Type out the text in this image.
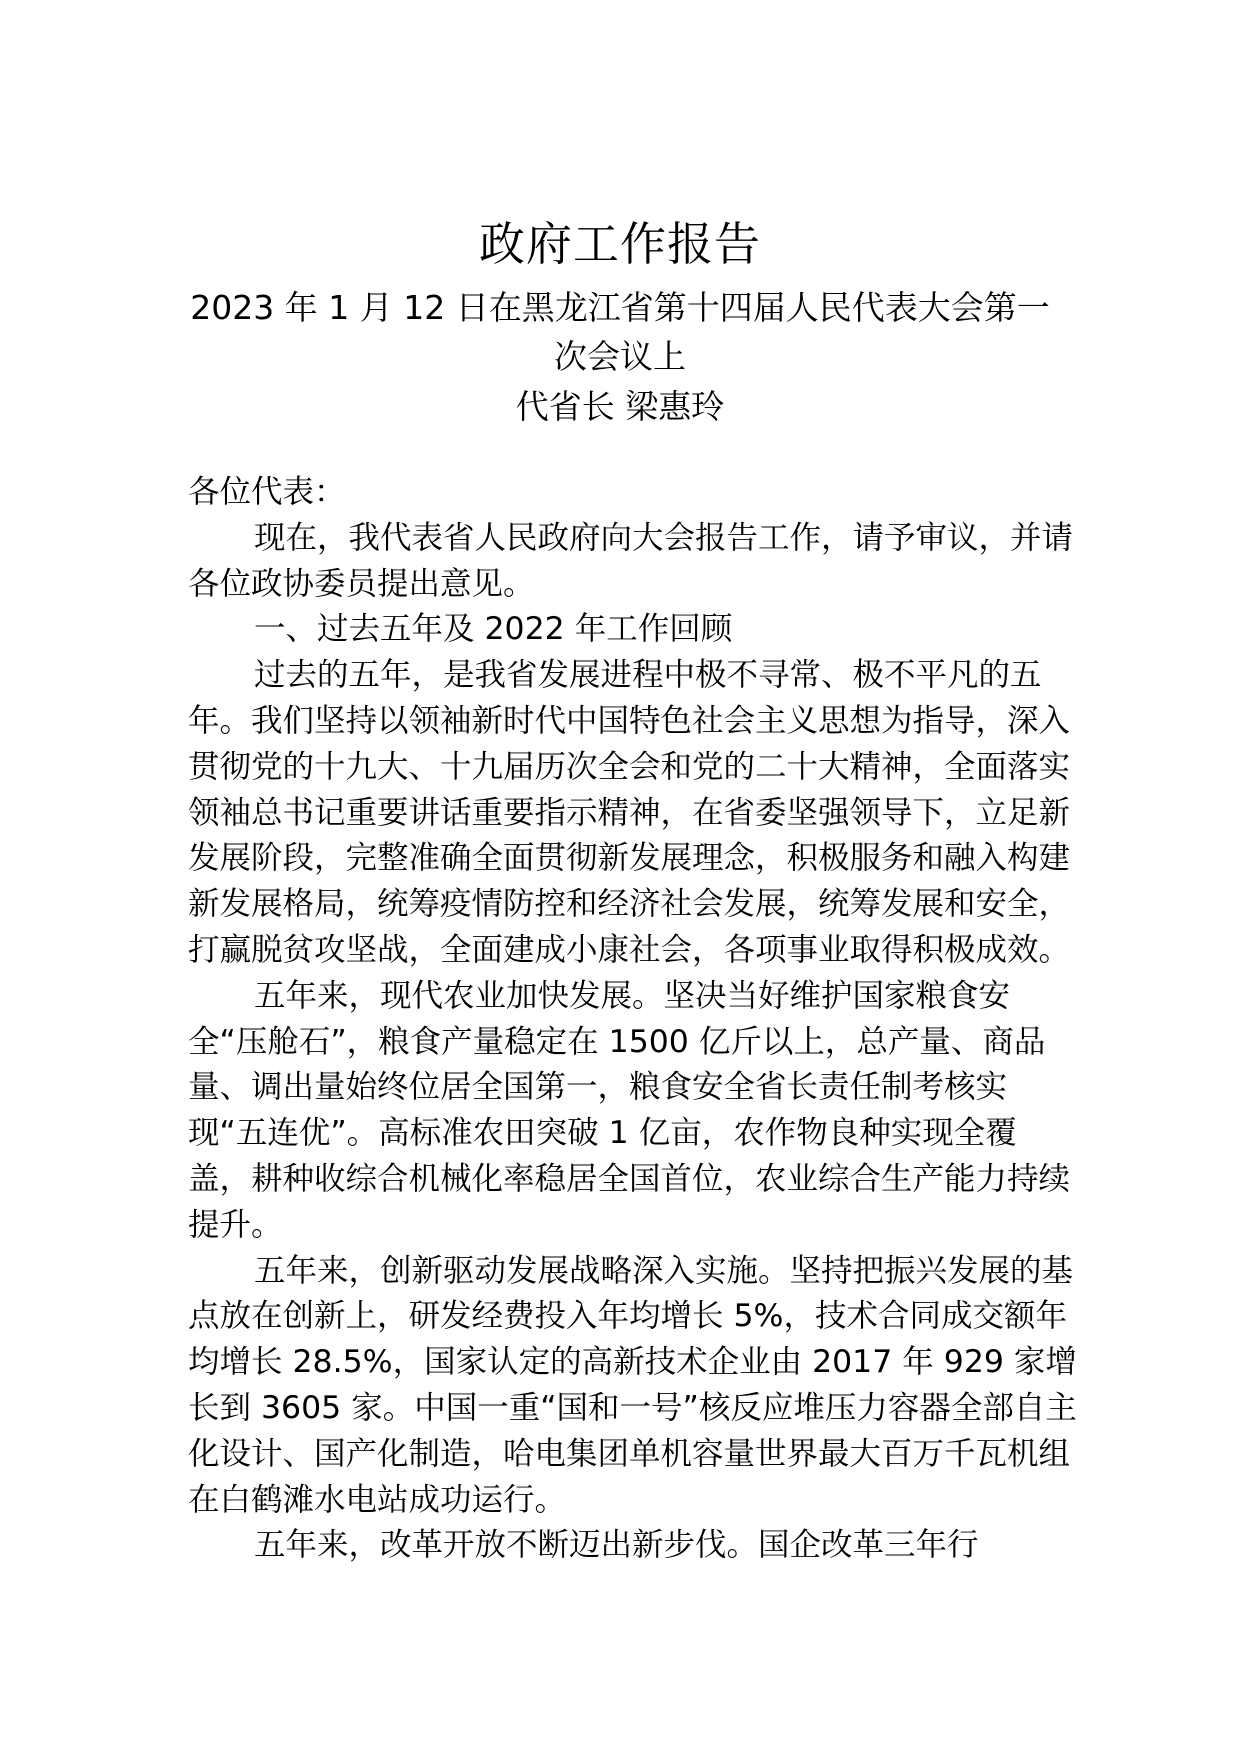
政府工作报告
2023 年 1 月 12 日在黑龙江省第十四届人民代表大会第一次会议上
代省长 梁惠玲

各位代表：

现在，我代表省人民政府向大会报告工作，请予审议，并请各位政协委员提出意见。

一、过去五年及 2022 年工作回顾

过去的五年，是我省发展进程中极不寻常、极不平凡的五年。我们坚持以领袖新时代中国特色社会主义思想为指导，深入贯彻党的十九大、十九届历次全会和党的二十大精神，全面落实领袖总书记重要讲话重要指示精神，在省委坚强领导下，立足新发展阶段，完整准确全面贯彻新发展理念，积极服务和融入构建新发展格局，统筹疫情防控和经济社会发展，统筹发展和安全，打赢脱贫攻坚战，全面建成小康社会，各项事业取得积极成效。

五年来，现代农业加快发展。坚决当好维护国家粮食安全“压舱石”，粮食产量稳定在 1500 亿斤以上，总产量、商品量、调出量始终位居全国第一，粮食安全省长责任制考核实现“五连优”。高标准农田突破 1 亿亩，农作物良种实现全覆盖，耕种收综合机械化率稳居全国首位，农业综合生产能力持续提升。

五年来，创新驱动发展战略深入实施。坚持把振兴发展的基点放在创新上，研发经费投入年均增长 5%，技术合同成交额年均增长 28.5%，国家认定的高新技术企业由 2017 年 929 家增长到 3605 家。中国一重“国和一号”核反应堆压力容器全部自主化设计、国产化制造，哈电集团单机容量世界最大百万千瓦机组在白鹤滩水电站成功运行。

五年来，改革开放不断迈出新步伐。国企改革三年行
